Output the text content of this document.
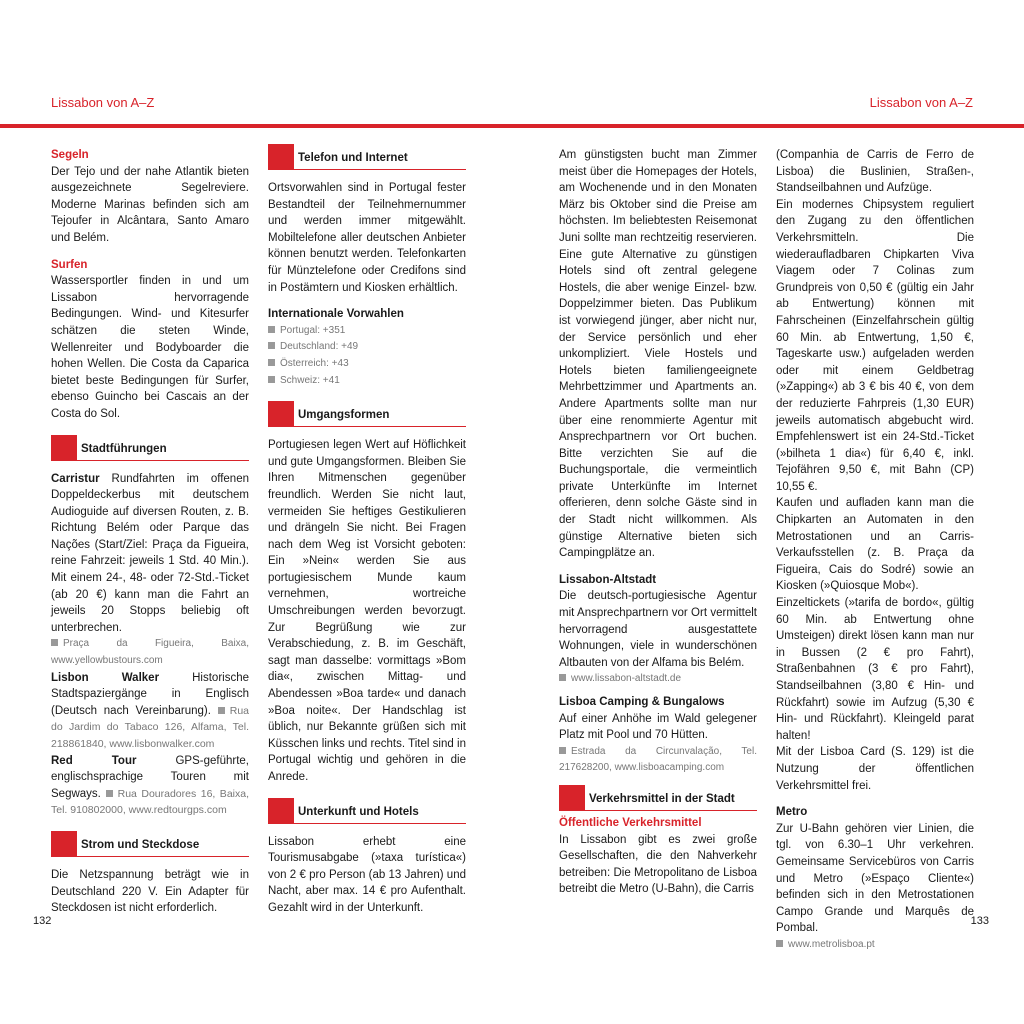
Lissabon von A–Z	Lissabon von A–Z
Segeln

Der Tejo und der nahe Atlantik bieten ausgezeichnete Segelreviere. Moderne Marinas befinden sich am Tejoufer in Alcântara, Santo Amaro und Belém.

Surfen

Wassersportler finden in und um Lissabon hervorragende Bedingungen. Wind- und Kitesurfer schätzen die steten Winde, Wellenreiter und Bodyboarder die hohen Wellen. Die Costa da Caparica bietet beste Bedingungen für Surfer, ebenso Guincho bei Cascais an der Costa do Sol.

Stadtführungen

Carristur Rundfahrten im offenen Doppeldeckerbus mit deutschem Audioguide auf diversen Routen, z. B. Richtung Belém oder Parque das Nações (Start/Ziel: Praça da Figueira, reine Fahrzeit: jeweils 1 Std. 40 Min.). Mit einem 24-, 48- oder 72-Std.-Ticket (ab 20 €) kann man die Fahrt an jeweils 20 Stopps beliebig oft unterbrechen.

Praça da Figueira, Baixa, www.yellowbustours.com

Lisbon Walker Historische Stadtspaziergänge in Englisch (Deutsch nach Vereinbarung). Rua do Jardim do Tabaco 126, Alfama, Tel. 218861840, www.lisbonwalker.com

Red Tour GPS-geführte, englischsprachige Touren mit Segways. Rua Douradores 16, Baixa, Tel. 910802000, www.redtourgps.com

Strom und Steckdose

Die Netzspannung beträgt wie in Deutschland 220 V. Ein Adapter für Steckdosen ist nicht erforderlich.

Telefon und Internet

Ortsvorwahlen sind in Portugal fester Bestandteil der Teilnehmernummer und werden immer mitgewählt. Mobiltelefone aller deutschen Anbieter können benutzt werden. Telefonkarten für Münztelefone oder Credifons sind in Postämtern und Kiosken erhältlich.

Internationale Vorwahlen
Portugal: +351
Deutschland: +49
Österreich: +43
Schweiz: +41
Umgangsformen

Portugiesen legen Wert auf Höflichkeit und gute Umgangsformen. Bleiben Sie Ihren Mitmenschen gegenüber freundlich. Werden Sie nicht laut, vermeiden Sie heftiges Gestikulieren und drängeln Sie nicht. Bei Fragen nach dem Weg ist Vorsicht geboten: Ein »Nein« werden Sie aus portugiesischem Munde kaum vernehmen, wortreiche Umschreibungen werden bevorzugt. Zur Begrüßung wie zur Verabschiedung, z. B. im Geschäft, sagt man dasselbe: vormittags »Bom dia«, zwischen Mittag- und Abendessen »Boa tarde« und danach »Boa noite«. Der Handschlag ist üblich, nur Bekannte grüßen sich mit Küsschen links und rechts. Titel sind in Portugal wichtig und gehören in die Anrede.

Unterkunft und Hotels

Lissabon erhebt eine Tourismusabgabe (»taxa turística«) von 2 € pro Person (ab 13 Jahren) und Nacht, aber max. 14 € pro Aufenthalt. Gezahlt wird in der Unterkunft.

Am günstigsten bucht man Zimmer meist über die Homepages der Hotels, am Wochenende und in den Monaten März bis Oktober sind die Preise am höchsten. Im beliebtesten Reisemonat Juni sollte man rechtzeitig reservieren. Eine gute Alternative zu günstigen Hotels sind oft zentral gelegene Hostels, die aber wenige Einzel- bzw. Doppelzimmer bieten. Das Publikum ist vorwiegend jünger, aber nicht nur, der Service persönlich und eher unkompliziert. Viele Hostels und Hotels bieten familiengeeignete Mehrbettzimmer und Apartments an. Andere Apartments sollte man nur über eine renommierte Agentur mit Ansprechpartnern vor Ort buchen. Bitte verzichten Sie auf die Buchungsportale, die vermeintlich private Unterkünfte im Internet offerieren, denn solche Gäste sind in der Stadt nicht willkommen. Als günstige Alternative bieten sich Campingplätze an.

Lissabon-Altstadt

Die deutsch-portugiesische Agentur mit Ansprechpartnern vor Ort vermittelt hervorragend ausgestattete Wohnungen, viele in wunderschönen Altbauten von der Alfama bis Belém.

www.lissabon-altstadt.de
Lisboa Camping & Bungalows

Auf einer Anhöhe im Wald gelegener Platz mit Pool und 70 Hütten.

Estrada da Circunvalação, Tel. 217628200, www.lisboacamping.com
Verkehrsmittel in der Stadt
Öffentliche Verkehrsmittel

In Lissabon gibt es zwei große Gesellschaften, die den Nahverkehr betreiben: Die Metropolitano de Lisboa betreibt die Metro (U-Bahn), die Carris

(Companhia de Carris de Ferro de Lisboa) die Buslinien, Straßen-, Standseilbahnen und Aufzüge.

Ein modernes Chipsystem reguliert den Zugang zu den öffentlichen Verkehrsmitteln. Die wiederaufladbaren Chipkarten Viva Viagem oder 7 Colinas zum Grundpreis von 0,50 € (gültig ein Jahr ab Entwertung) können mit Fahrscheinen (Einzelfahrschein gültig 60 Min. ab Entwertung, 1,50 €, Tageskarte usw.) aufgeladen werden oder mit einem Geldbetrag (»Zapping«) ab 3 € bis 40 €, von dem der reduzierte Fahrpreis (1,30 EUR) jeweils automatisch abgebucht wird. Empfehlenswert ist ein 24-Std.-Ticket (»bilheta 1 dia«) für 6,40 €, inkl. Tejofähren 9,50 €, mit Bahn (CP) 10,55 €.

Kaufen und aufladen kann man die Chipkarten an Automaten in den Metrostationen und an Carris-Verkaufsstellen (z. B. Praça da Figueira, Cais do Sodré) sowie an Kiosken (»Quiosque Mob«).

Einzeltickets (»tarifa de bordo«, gültig 60 Min. ab Entwertung ohne Umsteigen) direkt lösen kann man nur in Bussen (2 € pro Fahrt), Straßenbahnen (3 € pro Fahrt), Standseilbahnen (3,80 € Hin- und Rückfahrt) sowie im Aufzug (5,30 € Hin- und Rückfahrt). Kleingeld parat halten!

Mit der Lisboa Card (S. 129) ist die Nutzung der öffentlichen Verkehrsmittel frei.

Metro

Zur U-Bahn gehören vier Linien, die tgl. von 6.30–1 Uhr verkehren. Gemeinsame Servicebüros von Carris und Metro (»Espaço Cliente«) befinden sich in den Metrostationen Campo Grande und Marquês de Pombal.

www.metrolisboa.pt
132	133
